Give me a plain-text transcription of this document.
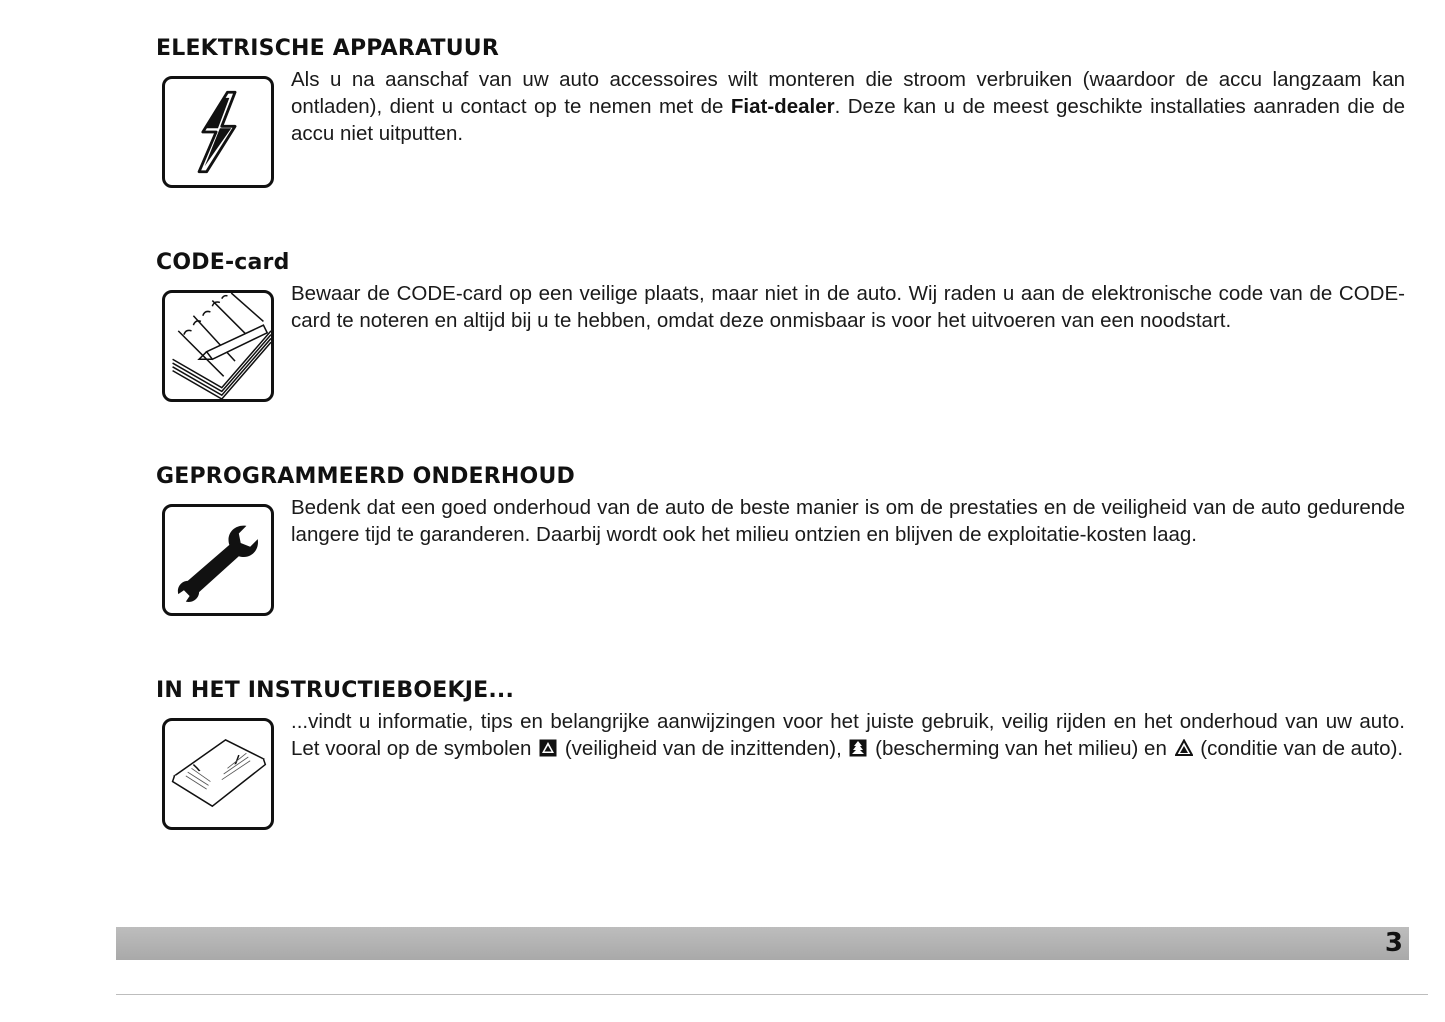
ELEKTRISCHE APPARATUUR
Als u na aanschaf van uw auto accessoires wilt monteren die stroom verbruiken (waardoor de accu langzaam kan ontladen), dient u contact op te nemen met de Fiat-dealer. Deze kan u de meest geschikte installaties aanraden die de accu niet uitputten.
CODE-card
Bewaar de CODE-card op een veilige plaats, maar niet in de auto. Wij raden u aan de elektronische code van de CODE-card te noteren en altijd bij u te hebben, omdat deze onmisbaar is voor het uitvoeren van een noodstart.
GEPROGRAMMEERD ONDERHOUD
Bedenk dat een goed onderhoud van de auto de beste manier is om de prestaties en de veiligheid van de auto gedurende langere tijd te garanderen. Daarbij wordt ook het milieu ontzien en blijven de exploitatie-kosten laag.
IN HET INSTRUCTIEBOEKJE...
...vindt u informatie, tips en belangrijke aanwijzingen voor het juiste gebruik, veilig rijden en het onderhoud van uw auto. Let vooral op de symbolen  (veiligheid van de inzittenden),  (bescherming van het milieu) en  (conditie van de auto).
3
